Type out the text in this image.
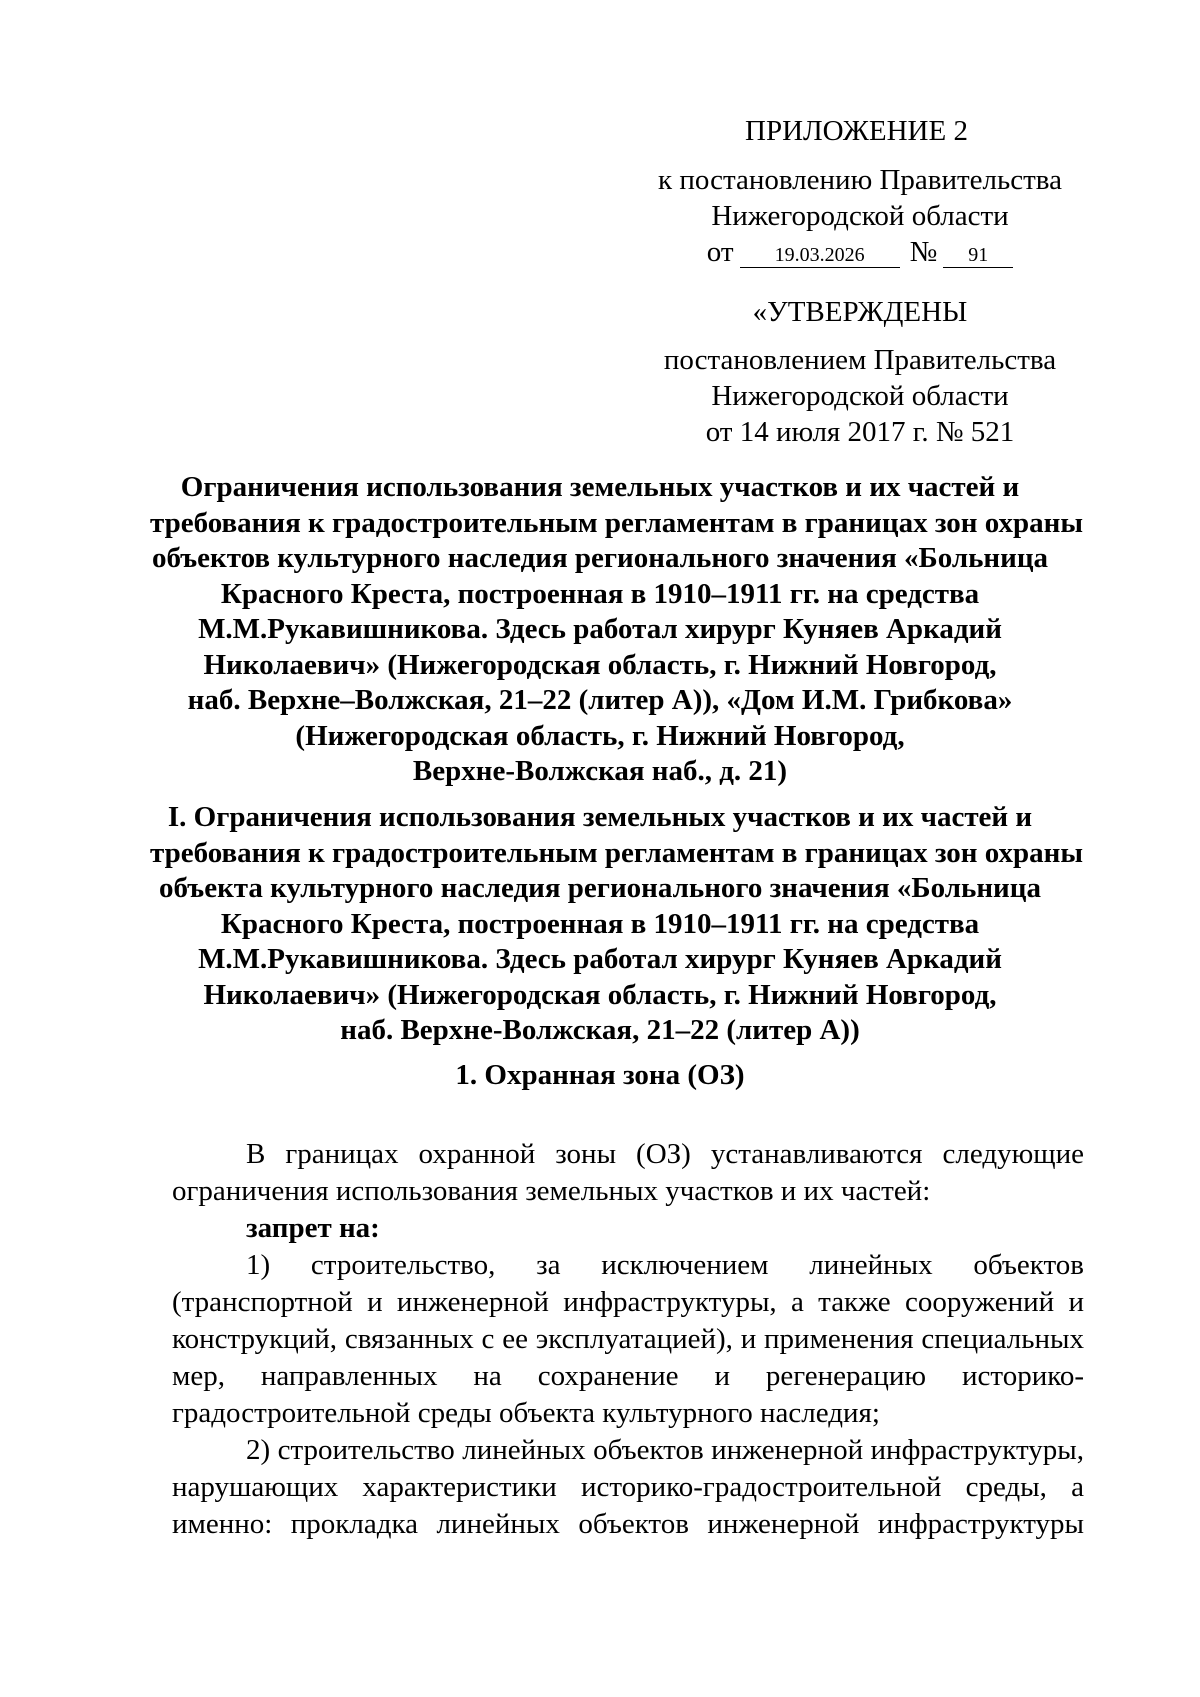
ПРИЛОЖЕНИЕ 2
к постановлению Правительства
Нижегородской области
от 19.03.2026 № 91
«УТВЕРЖДЕНЫ
постановлением Правительства
Нижегородской области
от 14 июля 2017 г. № 521
Ограничения использования земельных участков и их частей и
требования к градостроительным регламентам в границах зон охраны
объектов культурного наследия регионального значения «Больница
Красного Креста, построенная в 1910–1911 гг. на средства
М.М.Рукавишникова. Здесь работал хирург Куняев Аркадий
Николаевич» (Нижегородская область, г. Нижний Новгород,
наб. Верхне–Волжская, 21–22 (литер А)), «Дом И.М. Грибкова»
(Нижегородская область, г. Нижний Новгород,
Верхне-Волжская наб., д. 21)
I. Ограничения использования земельных участков и их частей и
требования к градостроительным регламентам в границах зон охраны
объекта культурного наследия регионального значения «Больница
Красного Креста, построенная в 1910–1911 гг. на средства
М.М.Рукавишникова. Здесь работал хирург Куняев Аркадий
Николаевич» (Нижегородская область, г. Нижний Новгород,
наб. Верхне-Волжская, 21–22 (литер А))
1. Охранная зона (ОЗ)

В границах охранной зоны (ОЗ) устанавливаются следующие ограничения использования земельных участков и их частей:

запрет на:

1) строительство, за исключением линейных объектов (транспортной и инженерной инфраструктуры, а также сооружений и конструкций, связанных с ее эксплуатацией), и применения специальных мер, направленных на сохранение и регенерацию историко-градостроительной среды объекта культурного наследия;

2) строительство линейных объектов инженерной инфраструктуры, нарушающих характеристики историко-градостроительной среды, а именно: прокладка линейных объектов инженерной инфраструктуры
